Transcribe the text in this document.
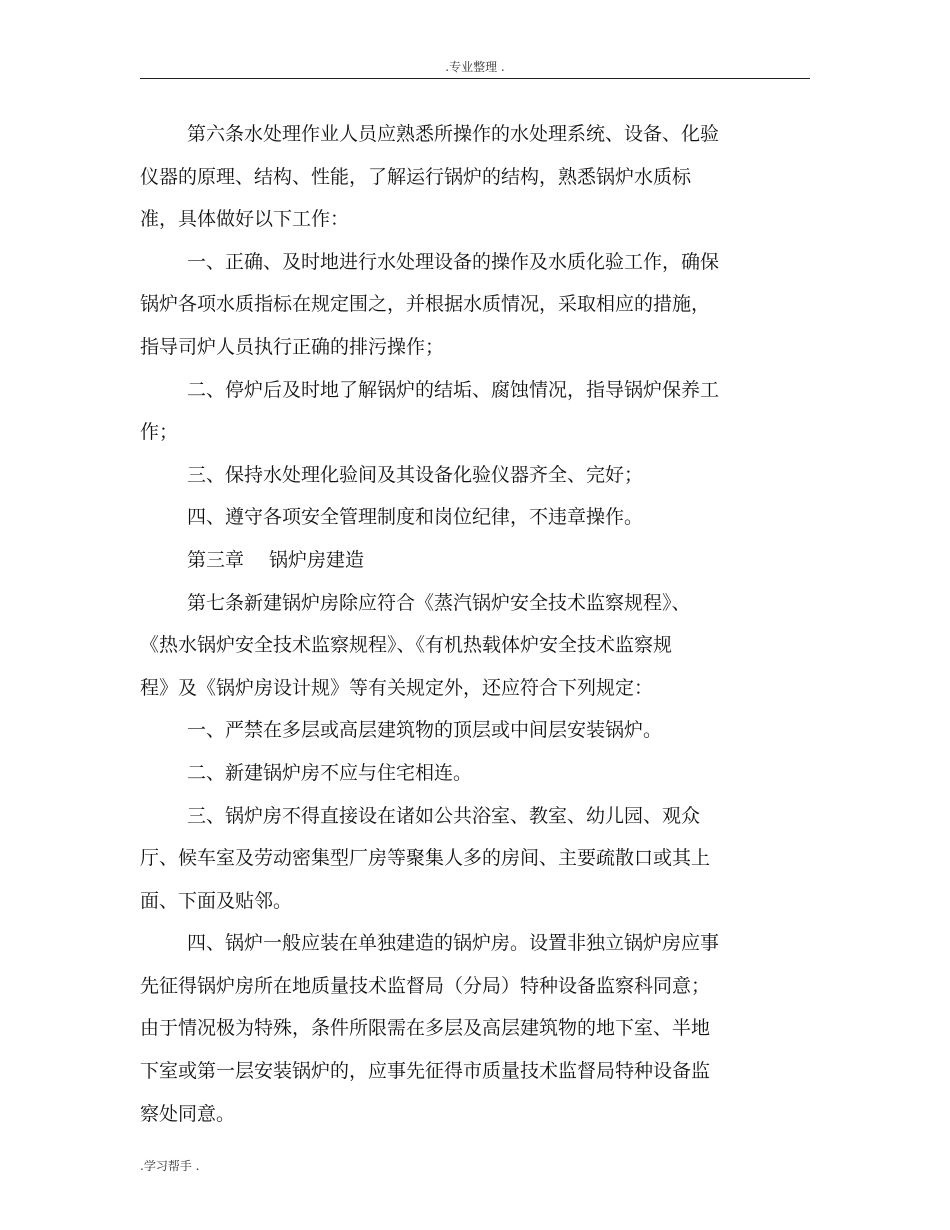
.专业整理 .
第六条水处理作业人员应熟悉所操作的水处理系统、设备、化验
仪器的原理、结构、性能，了解运行锅炉的结构，熟悉锅炉水质标
准，具体做好以下工作：
一、正确、及时地进行水处理设备的操作及水质化验工作，确保
锅炉各项水质指标在规定围之，并根据水质情况，采取相应的措施，
指导司炉人员执行正确的排污操作；
二、停炉后及时地了解锅炉的结垢、腐蚀情况，指导锅炉保养工
作；
三、保持水处理化验间及其设备化验仪器齐全、完好；
四、遵守各项安全管理制度和岗位纪律，不违章操作。
第三章　 锅炉房建造
第七条新建锅炉房除应符合《蒸汽锅炉安全技术监察规程》、
《热水锅炉安全技术监察规程》、《有机热载体炉安全技术监察规
程》及《锅炉房设计规》等有关规定外，还应符合下列规定：
一、严禁在多层或高层建筑物的顶层或中间层安装锅炉。
二、新建锅炉房不应与住宅相连。
三、锅炉房不得直接设在诸如公共浴室、教室、幼儿园、观众
厅、候车室及劳动密集型厂房等聚集人多的房间、主要疏散口或其上
面、下面及贴邻。
四、锅炉一般应装在单独建造的锅炉房。设置非独立锅炉房应事
先征得锅炉房所在地质量技术监督局（分局）特种设备监察科同意；
由于情况极为特殊，条件所限需在多层及高层建筑物的地下室、半地
下室或第一层安装锅炉的，应事先征得市质量技术监督局特种设备监
察处同意。
.学习帮手 .
